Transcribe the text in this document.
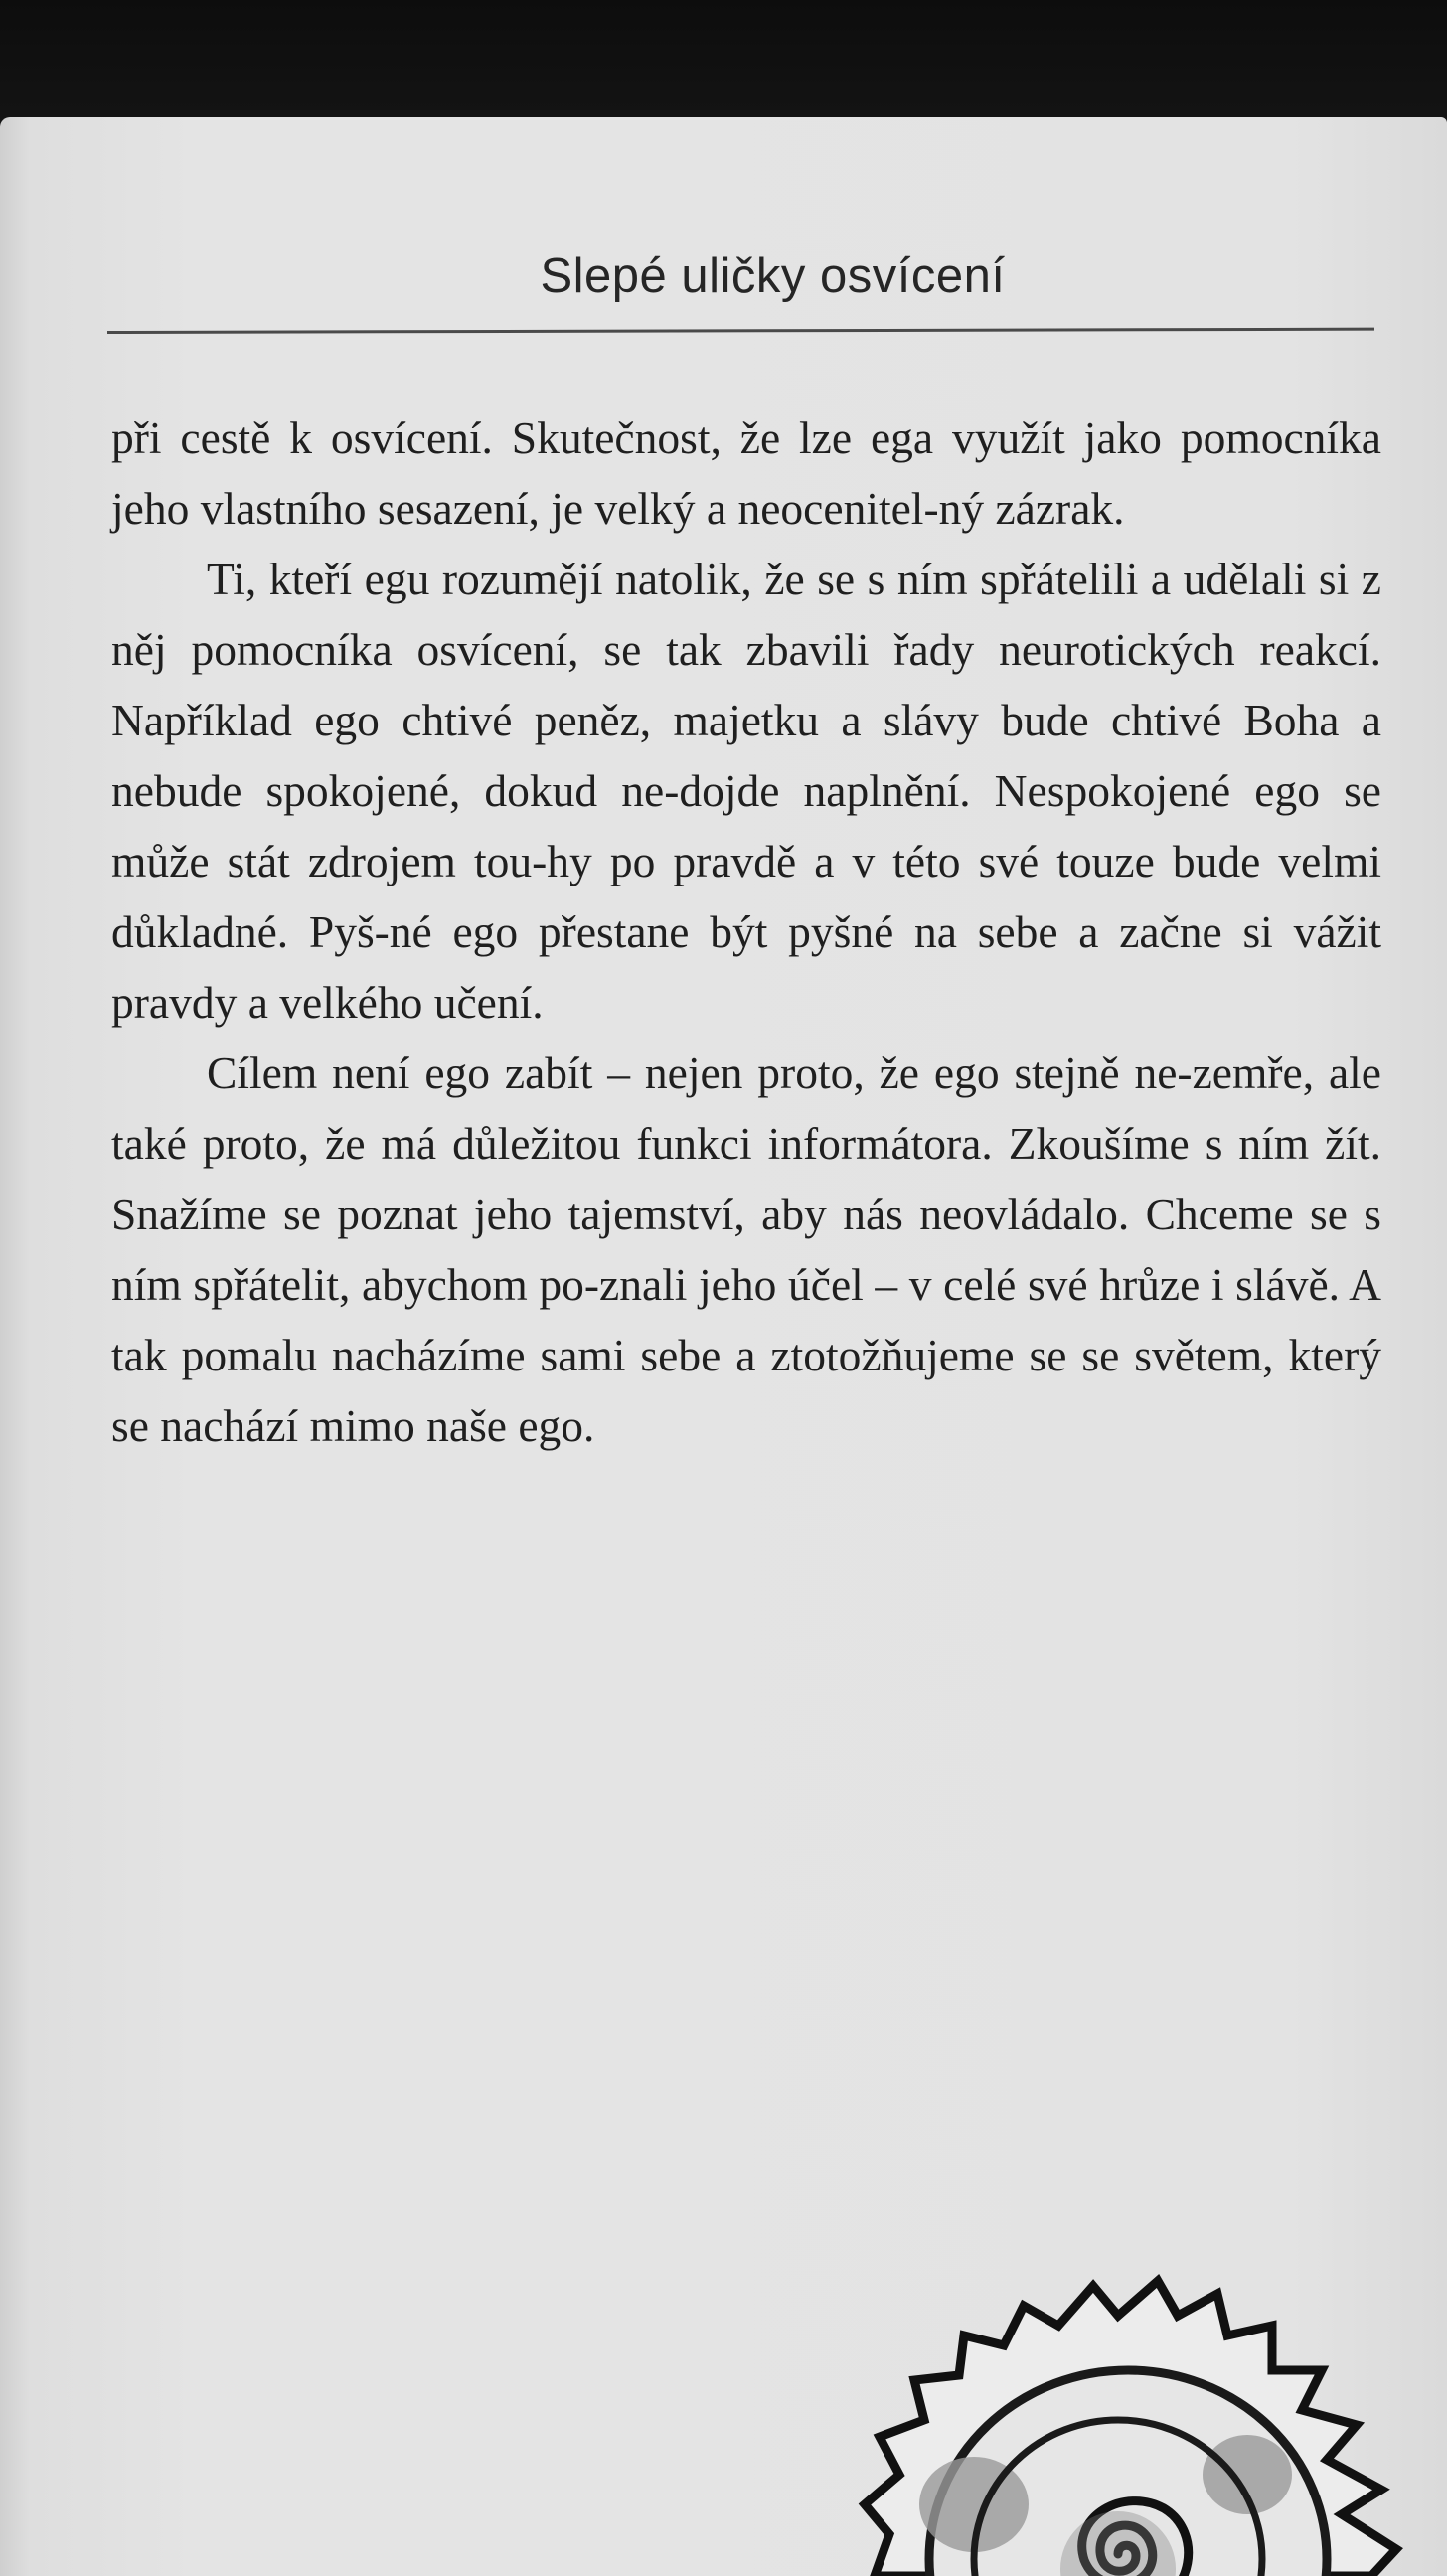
Slepé uličky osvícení

při cestě k osvícení. Skutečnost, že lze ega využít jako pomocníka jeho vlastního sesazení, je velký a neocenitel-ný zázrak.

Ti, kteří egu rozumějí natolik, že se s ním spřátelili a udělali si z něj pomocníka osvícení, se tak zbavili řady neurotických reakcí. Například ego chtivé peněz, majetku a slávy bude chtivé Boha a nebude spokojené, dokud ne-dojde naplnění. Nespokojené ego se může stát zdrojem tou-hy po pravdě a v této své touze bude velmi důkladné. Pyš-né ego přestane být pyšné na sebe a začne si vážit pravdy a velkého učení.

Cílem není ego zabít – nejen proto, že ego stejně ne-zemře, ale také proto, že má důležitou funkci informátora. Zkoušíme s ním žít. Snažíme se poznat jeho tajemství, aby nás neovládalo. Chceme se s ním spřátelit, abychom po-znali jeho účel – v celé své hrůze i slávě. A tak pomalu nacházíme sami sebe a ztotožňujeme se se světem, který se nachází mimo naše ego.
